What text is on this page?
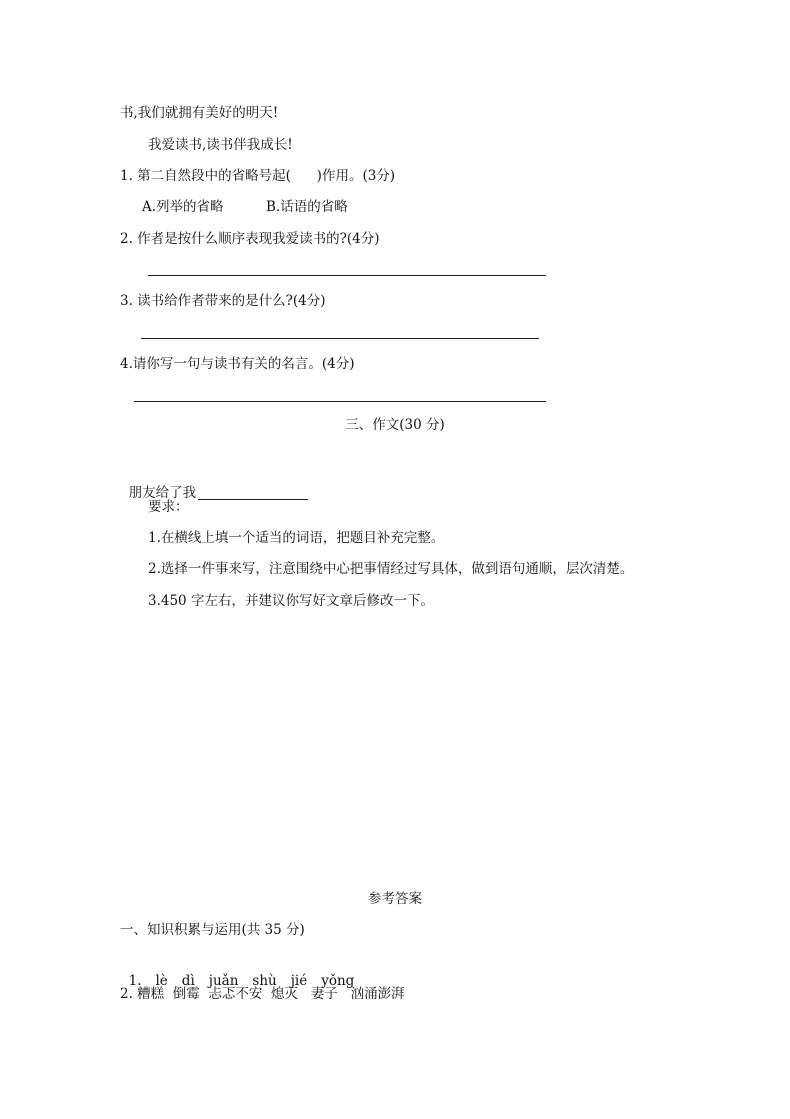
书,我们就拥有美好的明天!
我爱读书,读书伴我成长!
1. 第二自然段中的省略号起(      )作用。(3分)
A.列举的省略	B.话语的省略
2. 作者是按什么顺序表现我爱读书的?(4分)
3. 读书给作者带来的是什么?(4分)
4.请你写一句与读书有关的名言。(4分)
三、作文(30 分)

朋友给了我

要求：
1.在横线上填一个适当的词语，把题目补充完整。
2.选择一件事来写，注意围绕中心把事情经过写具体，做到语句通顺，层次清楚。
3.450 字左右，并建议你写好文章后修改一下。
参考答案
一、知识积累与运用(共 35 分)

1. lè dì juǎn shù jié yǒng

2. 糟糕  倒霉  忐忑不安  熄灭   妻子   汹涌澎湃
